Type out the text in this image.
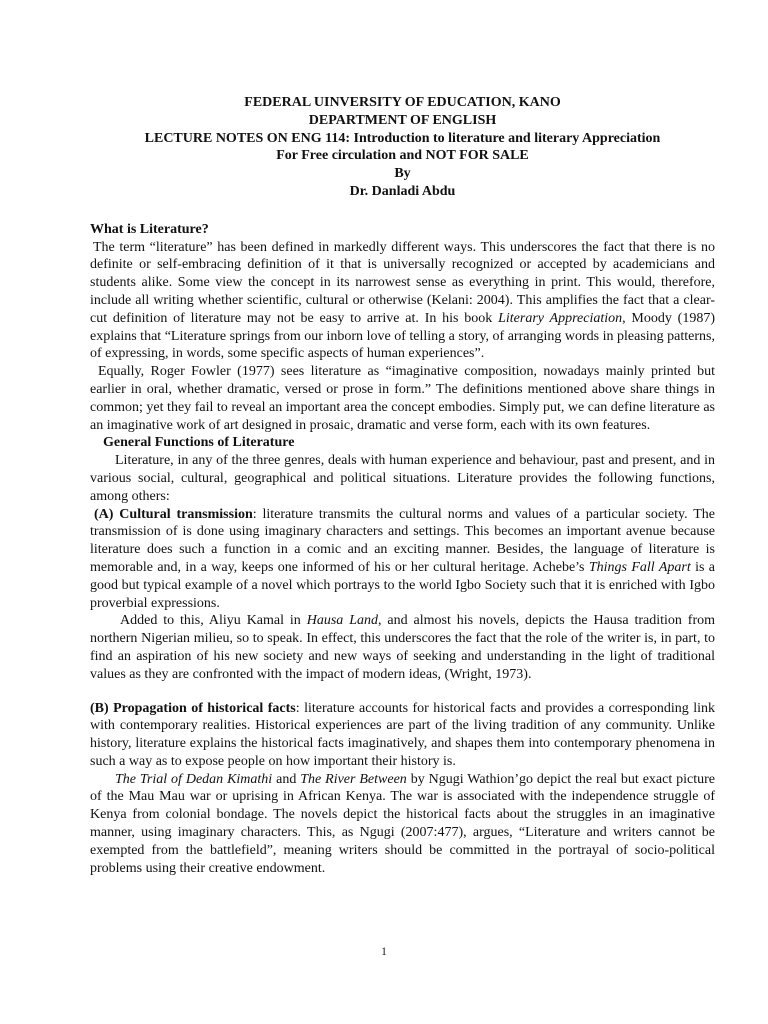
FEDERAL UINVERSITY OF EDUCATION, KANO

DEPARTMENT OF ENGLISH

LECTURE NOTES ON ENG 114: Introduction to literature and literary Appreciation

For Free circulation and NOT FOR SALE

By

Dr. Danladi Abdu

What is Literature?

The term “literature” has been defined in markedly different ways. This underscores the fact that there is no definite or self-embracing definition of it that is universally recognized or accepted by academicians and students alike. Some view the concept in its narrowest sense as everything in print. This would, therefore, include all writing whether scientific, cultural or otherwise (Kelani: 2004). This amplifies the fact that a clear- cut definition of literature may not be easy to arrive at. In his book Literary Appreciation, Moody (1987) explains that “Literature springs from our inborn love of telling a story, of arranging words in pleasing patterns, of expressing, in words, some specific aspects of human experiences”.

Equally, Roger Fowler (1977) sees literature as “imaginative composition, nowadays mainly printed but earlier in oral, whether dramatic, versed or prose in form.” The definitions mentioned above share things in common; yet they fail to reveal an important area the concept embodies. Simply put, we can define literature as an imaginative work of art designed in prosaic, dramatic and verse form, each with its own features.

General Functions of Literature

Literature, in any of the three genres, deals with human experience and behaviour, past and present, and in various social, cultural, geographical and political situations. Literature provides the following functions, among others:

(A) Cultural transmission: literature transmits the cultural norms and values of a particular society. The transmission of is done using imaginary characters and settings. This becomes an important avenue because literature does such a function in a comic and an exciting manner. Besides, the language of literature is memorable and, in a way, keeps one informed of his or her cultural heritage. Achebe’s Things Fall Apart is a good but typical example of a novel which portrays to the world Igbo Society such that it is enriched with Igbo proverbial expressions.

Added to this, Aliyu Kamal in Hausa Land, and almost his novels, depicts the Hausa tradition from northern Nigerian milieu, so to speak. In effect, this underscores the fact that the role of the writer is, in part, to find an aspiration of his new society and new ways of seeking and understanding in the light of traditional values as they are confronted with the impact of modern ideas, (Wright, 1973).

(B) Propagation of historical facts: literature accounts for historical facts and provides a corresponding link with contemporary realities. Historical experiences are part of the living tradition of any community. Unlike history, literature explains the historical facts imaginatively, and shapes them into contemporary phenomena in such a way as to expose people on how important their history is.

The Trial of Dedan Kimathi and The River Between by Ngugi Wathion’go depict the real but exact picture of the Mau Mau war or uprising in African Kenya. The war is associated with the independence struggle of Kenya from colonial bondage. The novels depict the historical facts about the struggles in an imaginative manner, using imaginary characters. This, as Ngugi (2007:477), argues, “Literature and writers cannot be exempted from the battlefield”, meaning writers should be committed in the portrayal of socio-political problems using their creative endowment.

1
